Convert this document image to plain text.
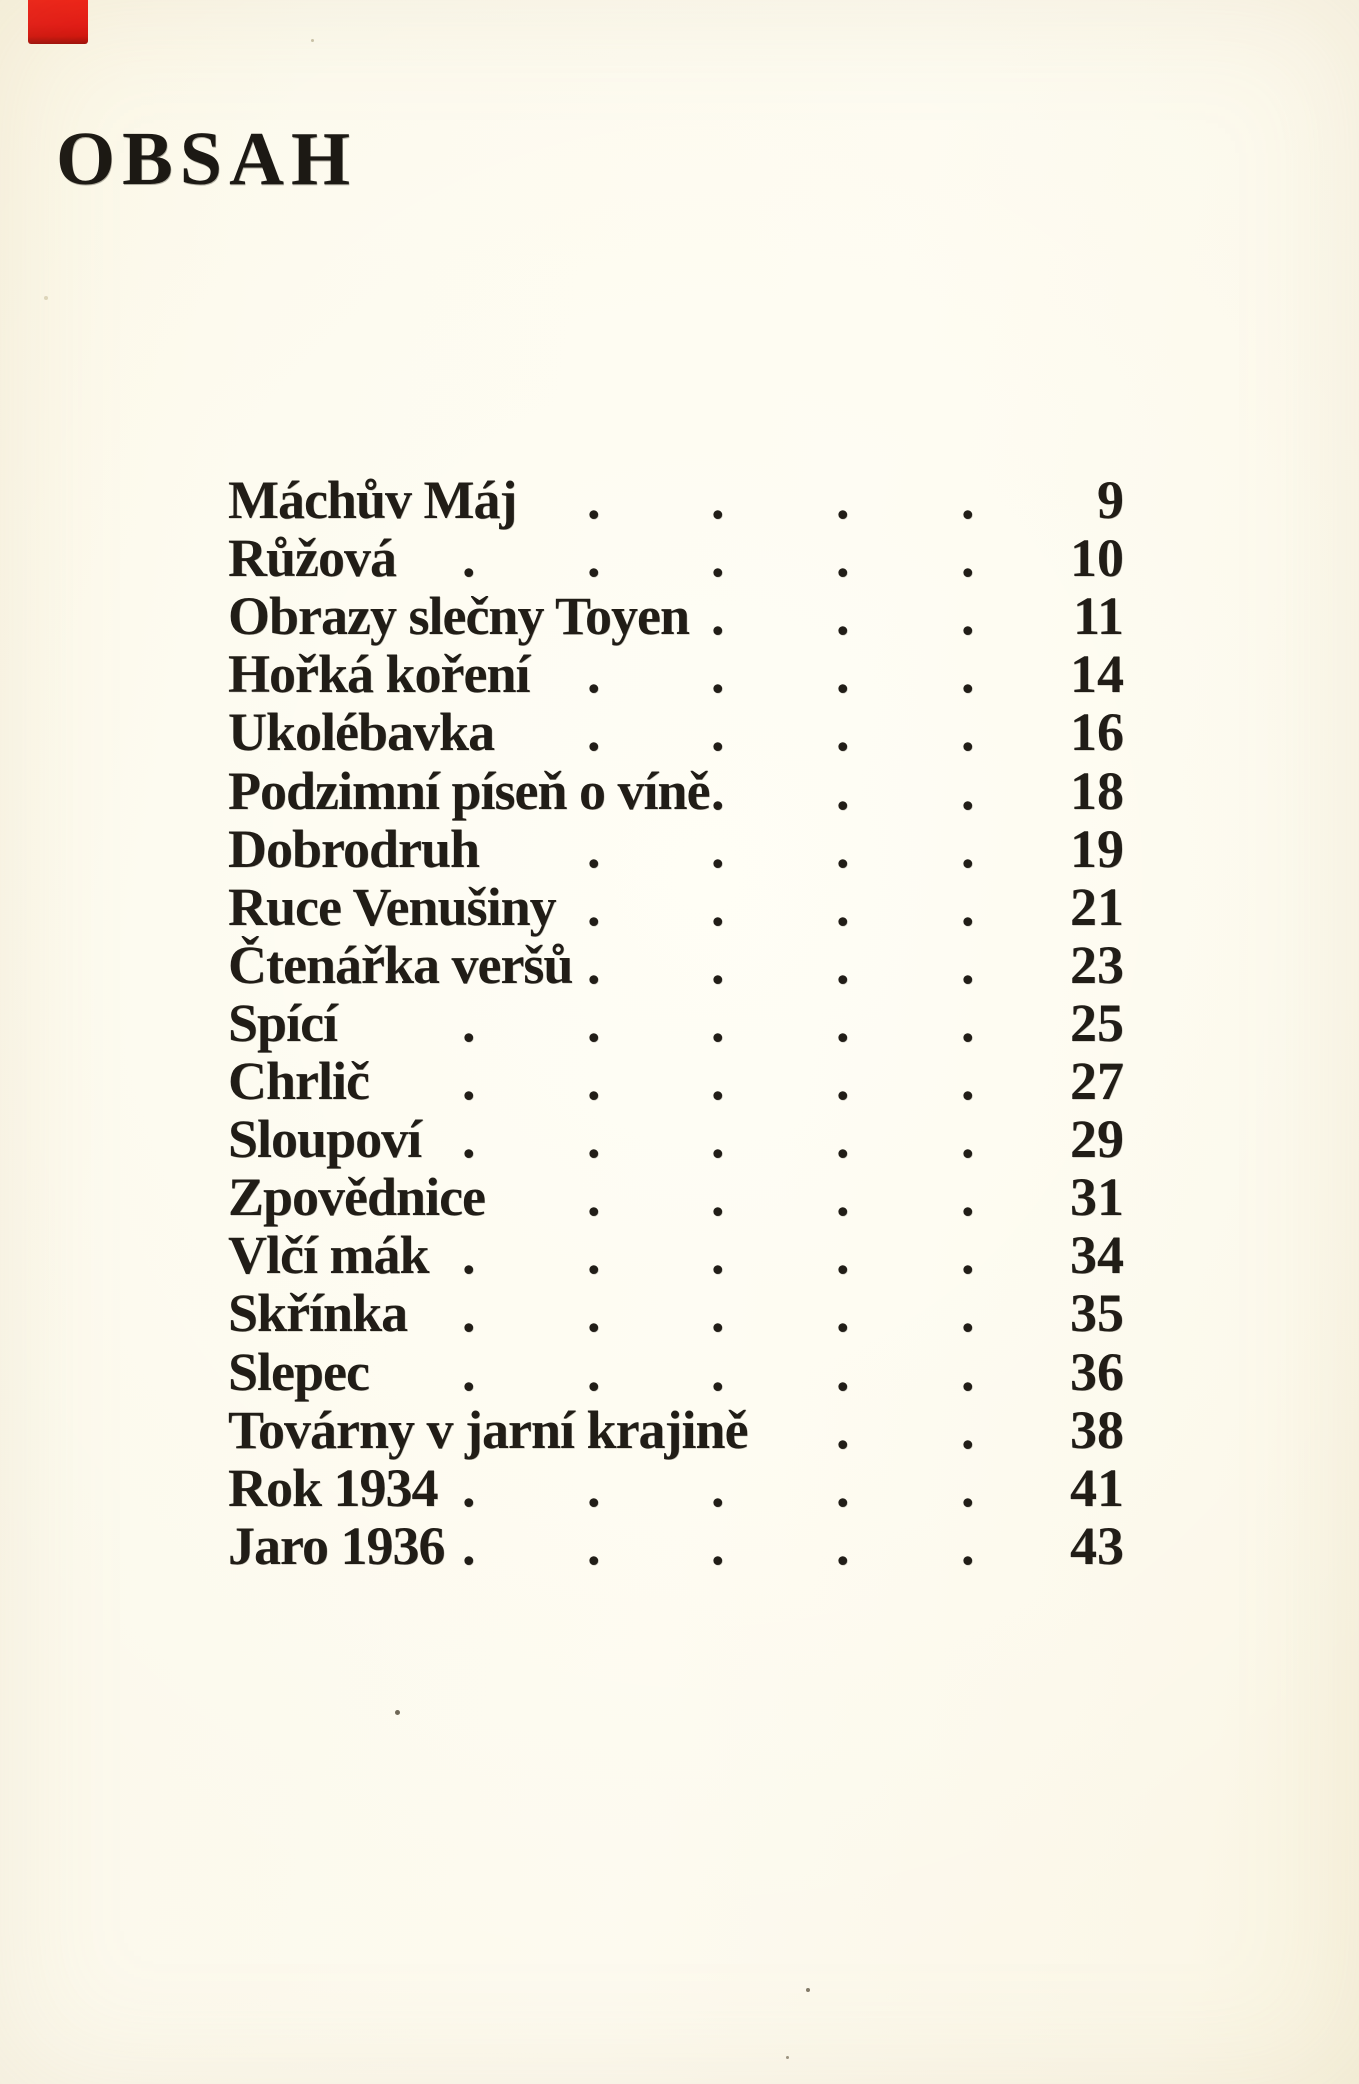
OBSAH
Máchův Máj . . . . 9
Růžová . . . . . 10
Obrazy slečny Toyen . . . 11
Hořká koření . . . . 14
Ukolébavka . . . . 16
Podzimní píseň o víně . . . 18
Dobrodruh . . . . 19
Ruce Venušiny . . . . 21
Čtenářka veršů . . . . 23
Spící . . . . . 25
Chrlič . . . . . 27
Sloupoví . . . . . 29
Zpovědnice . . . . 31
Vlčí mák . . . . . 34
Skřínka . . . . . 35
Slepec . . . . . 36
Továrny v jarní krajině . . 38
Rok 1934 . . . . . 41
Jaro 1936 . . . . . 43
